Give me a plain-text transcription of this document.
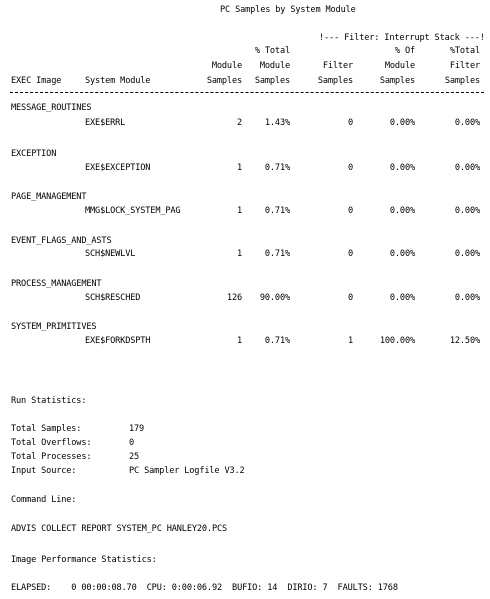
PC Samples by System Module
!--- Filter: Interrupt Stack ---!
% Total	% Of	%Total
Module Module	Filter	Module	Filter
EXEC Image	System Module	Samples Samples	Samples	Samples	Samples
MESSAGE_ROUTINES
EXE$ERRL	2	1.43%	0	0.00%	0.00%
EXCEPTION
EXE$EXCEPTION	1	0.71%	0	0.00%	0.00%
PAGE_MANAGEMENT
MMG$LOCK_SYSTEM_PAG	1	0.71%	0	0.00%	0.00%
EVENT_FLAGS_AND_ASTS
SCH$NEWLVL	1	0.71%	0	0.00%	0.00%
PROCESS_MANAGEMENT
SCH$RESCHED	126 90.00%	0	0.00%	0.00%
SYSTEM_PRIMITIVES
EXE$FORKDSPTH	1	0.71%	1	100.00%	12.50%
Run Statistics:
Total Samples:	179
Total Overflows:	0
Total Processes:	25
Input Source:	PC Sampler Logfile V3.2
Command Line:
ADVIS COLLECT REPORT SYSTEM_PC HANLEY20.PCS
Image Performance Statistics:
ELAPSED:    0 00:00:08.70  CPU: 0:00:06.92  BUFIO: 14  DIRIO: 7  FAULTS: 1768
